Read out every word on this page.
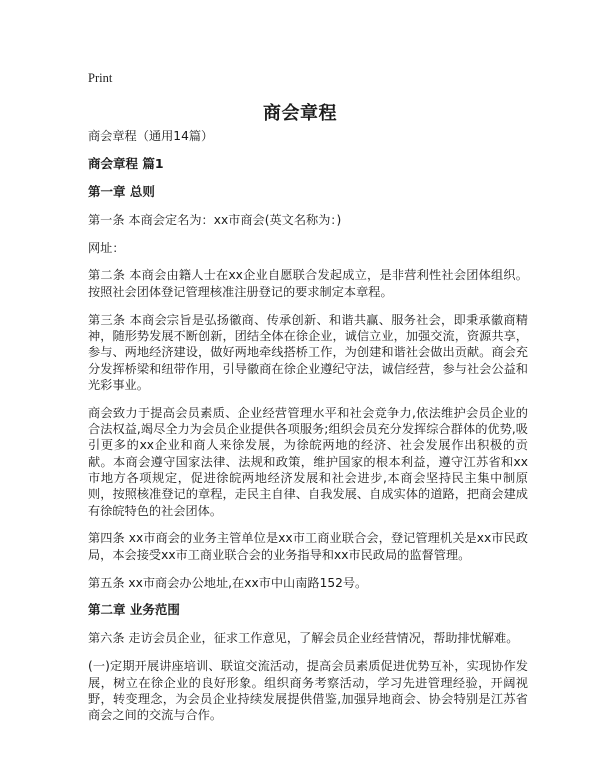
Print
商会章程

商会章程（通用14篇）

商会章程 篇1
第一章 总则

第一条 本商会定名为：xx市商会(英文名称为：)

网址：

第二条 本商会由籍人士在xx企业自愿联合发起成立，是非营利性社会团体组织。按照社会团体登记管理核准注册登记的要求制定本章程。

第三条 本商会宗旨是弘扬徽商、传承创新、和谐共赢、服务社会，即秉承徽商精神，随形势发展不断创新，团结全体在徐企业，诚信立业，加强交流，资源共享，参与、两地经济建设，做好两地牵线搭桥工作，为创建和谐社会做出贡献。商会充分发挥桥梁和纽带作用，引导徽商在徐企业遵纪守法，诚信经营，参与社会公益和光彩事业。

商会致力于提高会员素质、企业经营管理水平和社会竞争力,依法维护会员企业的合法权益,竭尽全力为会员企业提供各项服务;组织会员充分发挥综合群体的优势,吸引更多的xx企业和商人来徐发展，为徐皖两地的经济、社会发展作出积极的贡献。本商会遵守国家法律、法规和政策，维护国家的根本利益，遵守江苏省和xx市地方各项规定，促进徐皖两地经济发展和社会进步,本商会坚持民主集中制原则，按照核准登记的章程，走民主自律、自我发展、自成实体的道路，把商会建成有徐皖特色的社会团体。

第四条 xx市商会的业务主管单位是xx市工商业联合会，登记管理机关是xx市民政局，本会接受xx市工商业联合会的业务指导和xx市民政局的监督管理。

第五条 xx市商会办公地址,在xx市中山南路152号。

第二章 业务范围

第六条 走访会员企业，征求工作意见，了解会员企业经营情况，帮助排忧解难。

(一)定期开展讲座培训、联谊交流活动，提高会员素质促进优势互补，实现协作发展，树立在徐企业的良好形象。组织商务考察活动，学习先进管理经验，开阔视野，转变理念，为会员企业持续发展提供借鉴,加强异地商会、协会特别是江苏省商会之间的交流与合作。
